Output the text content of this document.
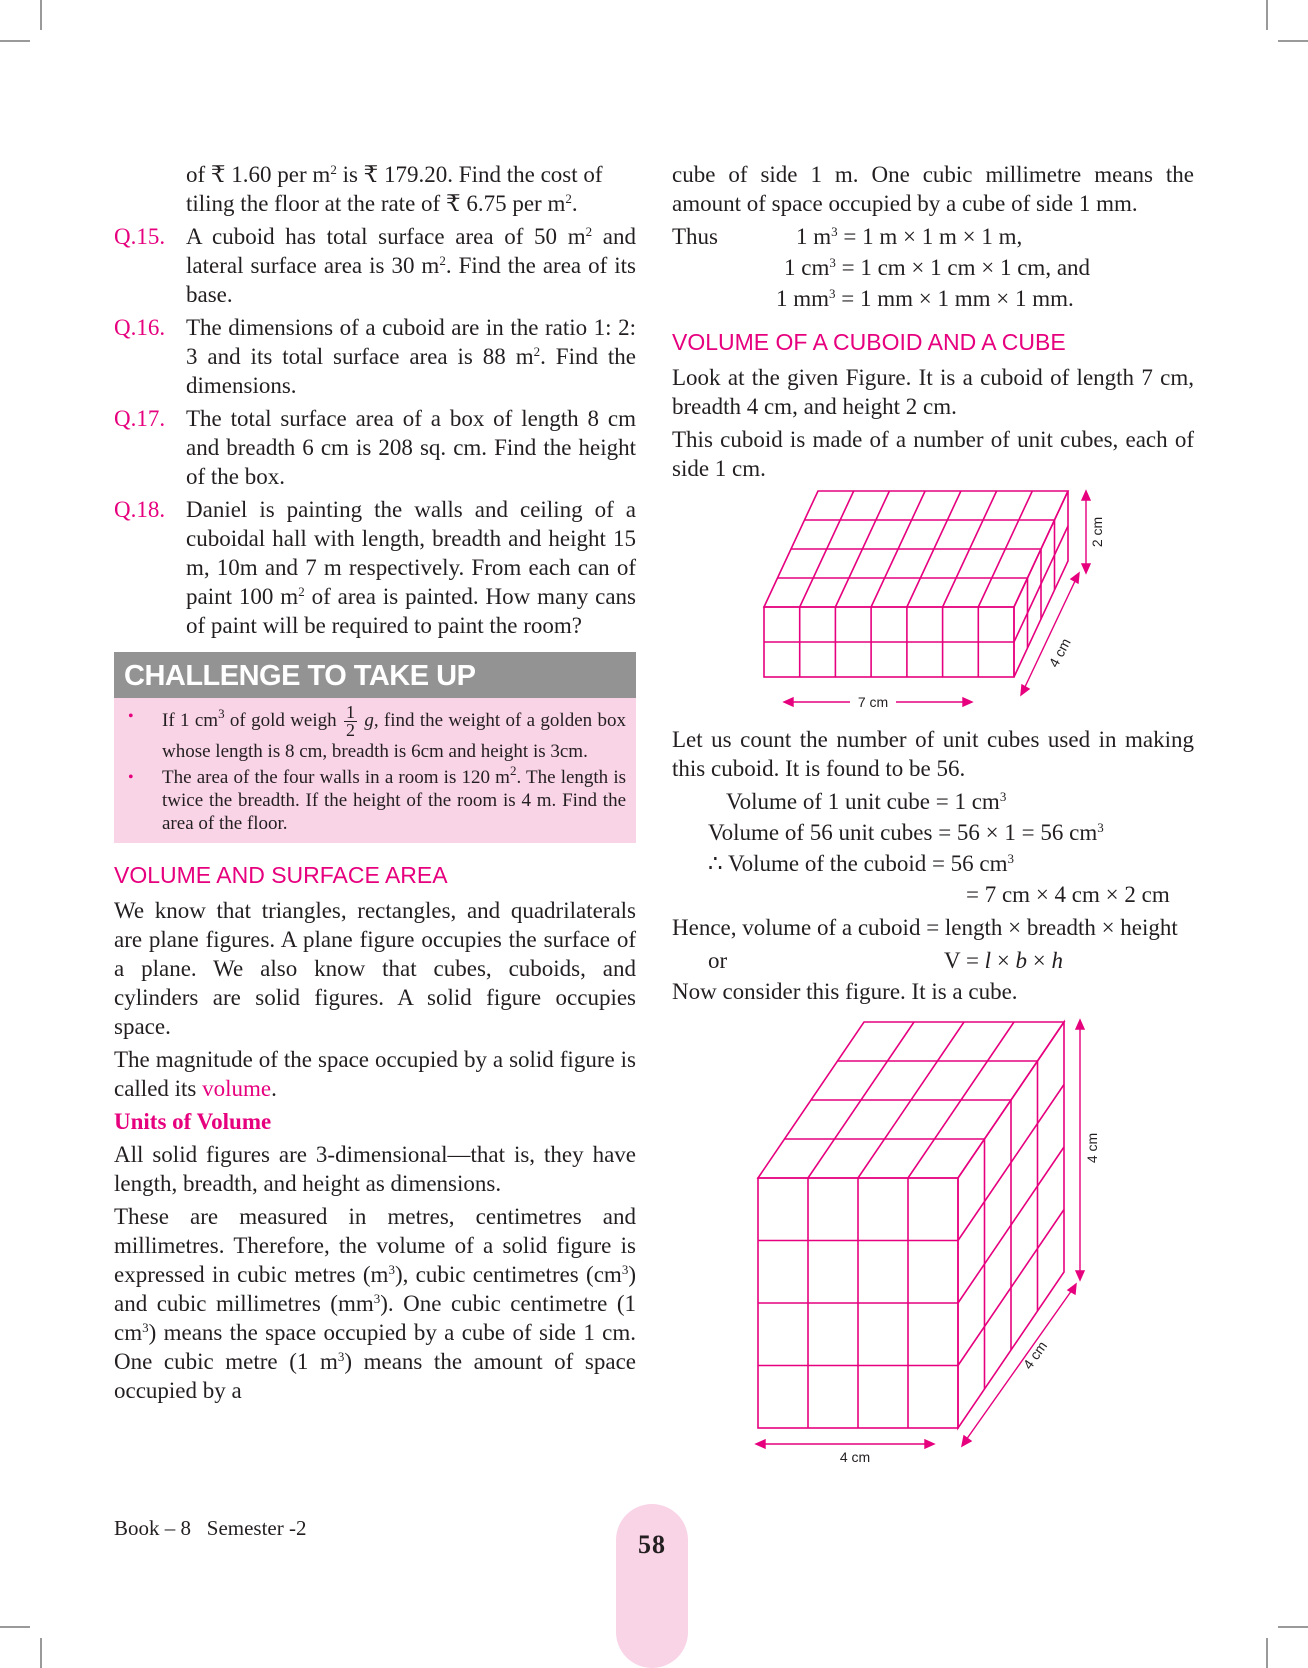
of ₹ 1.60 per $m^2$ is ₹ 179.20. Find the cost of
tiling the floor at the rate of ₹ 6.75 per $m^2$.
Q.15. A cuboid has total surface area of 50 $m^2$ and lateral surface area is 30 $m^2$. Find the area of its base.
Q.16. The dimensions of a cuboid are in the ratio 1: 2: 3 and its total surface area is 88 $m^2$. Find the dimensions.
Q.17. The total surface area of a box of length 8 cm and breadth 6 cm is 208 sq. cm. Find the height of the box.
Q.18. Daniel is painting the walls and ceiling of a cuboidal hall with length, breadth and height 15 m, 10m and 7 m respectively. From each can of paint 100 $m^2$ of area is painted. How many cans of paint will be required to paint the room?
CHALLENGE TO TAKE UP
•	If 1 $cm^3$ of gold weigh $\frac{1}{2} g$, find the weight of a golden box whose length is 8 cm, breadth is 6cm and height is 3cm.
•	The area of the four walls in a room is 120 $m^2$. The length is twice the breadth. If the height of the room is 4 m. Find the area of the floor.
VOLUME AND SURFACE AREA

We know that triangles, rectangles, and quadrilaterals are plane figures. A plane figure occupies the surface of a plane. We also know that cubes, cuboids, and cylinders are solid figures. A solid figure occupies space.

The magnitude of the space occupied by a solid figure is called its volume.

Units of Volume

All solid figures are 3-dimensional—that is, they have length, breadth, and height as dimensions.

These are measured in metres, centimetres and millimetres. Therefore, the volume of a solid figure is expressed in cubic metres $(m^3)$, cubic centimetres $(cm^3)$ and cubic millimetres $(mm^3)$. One cubic centimetre (1 $cm^3$) means the space occupied by a cube of side 1 cm. One cubic metre (1 $m^3$) means the amount of space occupied by a

cube of side 1 m. One cubic millimetre means the amount of space occupied by a cube of side 1 mm.

Thus	1 $m^3 = 1$ m × 1 m × 1 m,
1 $cm^3 = 1$ cm × 1 cm × 1 cm, and
1 $mm^3 = 1$ mm × 1 mm × 1 mm.
VOLUME OF A CUBOID AND A CUBE

Look at the given Figure. It is a cuboid of length 7 cm, breadth 4 cm, and height 2 cm.

This cuboid is made of a number of unit cubes, each of side 1 cm.

7 cm
2 cm
4 cm

Let us count the number of unit cubes used in making this cuboid. It is found to be 56.

Volume of 1 unit cube = 1 $cm^3$
Volume of 56 unit cubes = 56 × 1 = 56 $cm^3$
∴ Volume of the cuboid = 56 $cm^3$
= 7 cm × 4 cm × 2 cm

Hence, volume of a cuboid = length × breadth × height

or	V = l × b × h

Now consider this figure. It is a cube.

4 cm
4 cm
4 cm
Book – 8 Semester -2
58
